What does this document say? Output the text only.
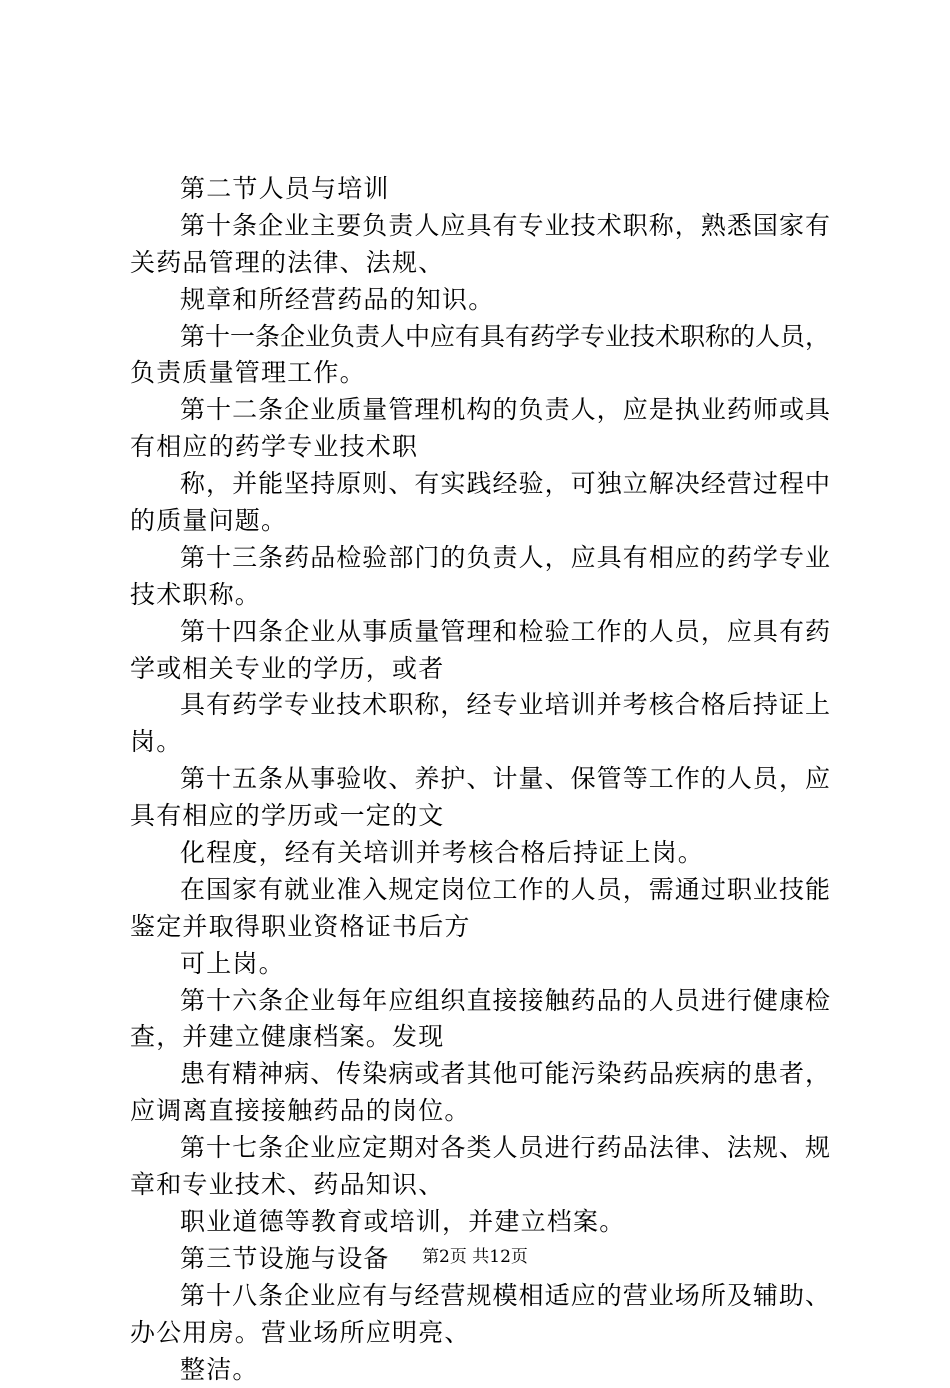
第二节人员与培训
第十条企业主要负责人应具有专业技术职称，熟悉国家有
关药品管理的法律、法规、
规章和所经营药品的知识。
第十一条企业负责人中应有具有药学专业技术职称的人员，
负责质量管理工作。
第十二条企业质量管理机构的负责人，应是执业药师或具
有相应的药学专业技术职
称，并能坚持原则、有实践经验，可独立解决经营过程中
的质量问题。
第十三条药品检验部门的负责人，应具有相应的药学专业
技术职称。
第十四条企业从事质量管理和检验工作的人员，应具有药
学或相关专业的学历，或者
具有药学专业技术职称，经专业培训并考核合格后持证上
岗。
第十五条从事验收、养护、计量、保管等工作的人员，应
具有相应的学历或一定的文
化程度，经有关培训并考核合格后持证上岗。
在国家有就业准入规定岗位工作的人员，需通过职业技能
鉴定并取得职业资格证书后方
可上岗。
第十六条企业每年应组织直接接触药品的人员进行健康检
查，并建立健康档案。发现
患有精神病、传染病或者其他可能污染药品疾病的患者，
应调离直接接触药品的岗位。
第十七条企业应定期对各类人员进行药品法律、法规、规
章和专业技术、药品知识、
职业道德等教育或培训，并建立档案。
第三节设施与设备
第十八条企业应有与经营规模相适应的营业场所及辅助、
办公用房。营业场所应明亮、
整洁。
第2页 共12页
